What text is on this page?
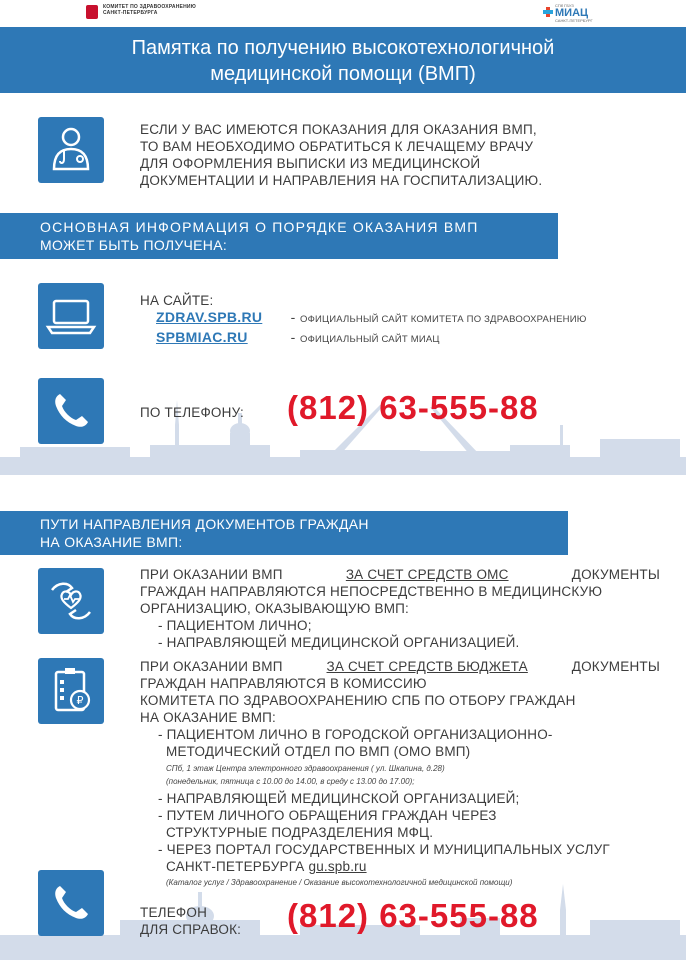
КОМИТЕТ ПО ЗДРАВООХРАНЕНИЮ
САНКТ-ПЕТЕРБУРГА
СПб ГБУЗ
МИАЦ
САНКТ-ПЕТЕРБУРГ
Памятка по получению высокотехнологичной
медицинской помощи (ВМП)
ЕСЛИ У ВАС ИМЕЮТСЯ ПОКАЗАНИЯ ДЛЯ ОКАЗАНИЯ ВМП,
ТО ВАМ НЕОБХОДИМО ОБРАТИТЬСЯ К ЛЕЧАЩЕМУ ВРАЧУ
ДЛЯ ОФОРМЛЕНИЯ ВЫПИСКИ ИЗ МЕДИЦИНСКОЙ
ДОКУМЕНТАЦИИ И НАПРАВЛЕНИЯ НА ГОСПИТАЛИЗАЦИЮ.
ОСНОВНАЯ ИНФОРМАЦИЯ О ПОРЯДКЕ ОКАЗАНИЯ ВМП
МОЖЕТ БЫТЬ ПОЛУЧЕНА:
НА САЙТЕ:
ZDRAV.SPB.RU	- ОФИЦИАЛЬНЫЙ САЙТ КОМИТЕТА ПО ЗДРАВООХРАНЕНИЮ
SPBMIAC.RU	- ОФИЦИАЛЬНЫЙ САЙТ МИАЦ
ПО ТЕЛЕФОНУ: (812) 63-555-88
ПУТИ НАПРАВЛЕНИЯ ДОКУМЕНТОВ ГРАЖДАН
НА ОКАЗАНИЕ ВМП:
ПРИ ОКАЗАНИИ ВМП	ЗА СЧЕТ СРЕДСТВ ОМС	ДОКУМЕНТЫ
ГРАЖДАН НАПРАВЛЯЮТСЯ НЕПОСРЕДСТВЕННО В МЕДИЦИНСКУЮ
ОРГАНИЗАЦИЮ, ОКАЗЫВАЮЩУЮ ВМП:
- ПАЦИЕНТОМ ЛИЧНО;
- НАПРАВЛЯЮЩЕЙ МЕДИЦИНСКОЙ ОРГАНИЗАЦИЕЙ.
₽
ПРИ ОКАЗАНИИ ВМП	ЗА СЧЕТ СРЕДСТВ БЮДЖЕТА	ДОКУМЕНТЫ
ГРАЖДАН НАПРАВЛЯЮТСЯ В КОМИССИЮ
КОМИТЕТА ПО ЗДРАВООХРАНЕНИЮ СПБ ПО ОТБОРУ ГРАЖДАН
НА ОКАЗАНИЕ ВМП:
- ПАЦИЕНТОМ ЛИЧНО В ГОРОДСКОЙ ОРГАНИЗАЦИОННО-
МЕТОДИЧЕСКИЙ ОТДЕЛ ПО ВМП (ОМО ВМП)
СПб, 1 этаж Центра электронного здравоохранения ( ул. Шкапина, д.28)
(понедельник, пятница с 10.00 до 14.00, в среду с 13.00 до 17.00);
- НАПРАВЛЯЮЩЕЙ МЕДИЦИНСКОЙ ОРГАНИЗАЦИЕЙ;
- ПУТЕМ ЛИЧНОГО ОБРАЩЕНИЯ ГРАЖДАН ЧЕРЕЗ
СТРУКТУРНЫЕ ПОДРАЗДЕЛЕНИЯ МФЦ.
- ЧЕРЕЗ ПОРТАЛ ГОСУДАРСТВЕННЫХ И МУНИЦИПАЛЬНЫХ УСЛУГ
САНКТ-ПЕТЕРБУРГА gu.spb.ru
(Каталог услуг / Здравоохранение / Оказание высокотехнологичной медицинской помощи)
ТЕЛЕФОН
ДЛЯ СПРАВОК: (812) 63-555-88
